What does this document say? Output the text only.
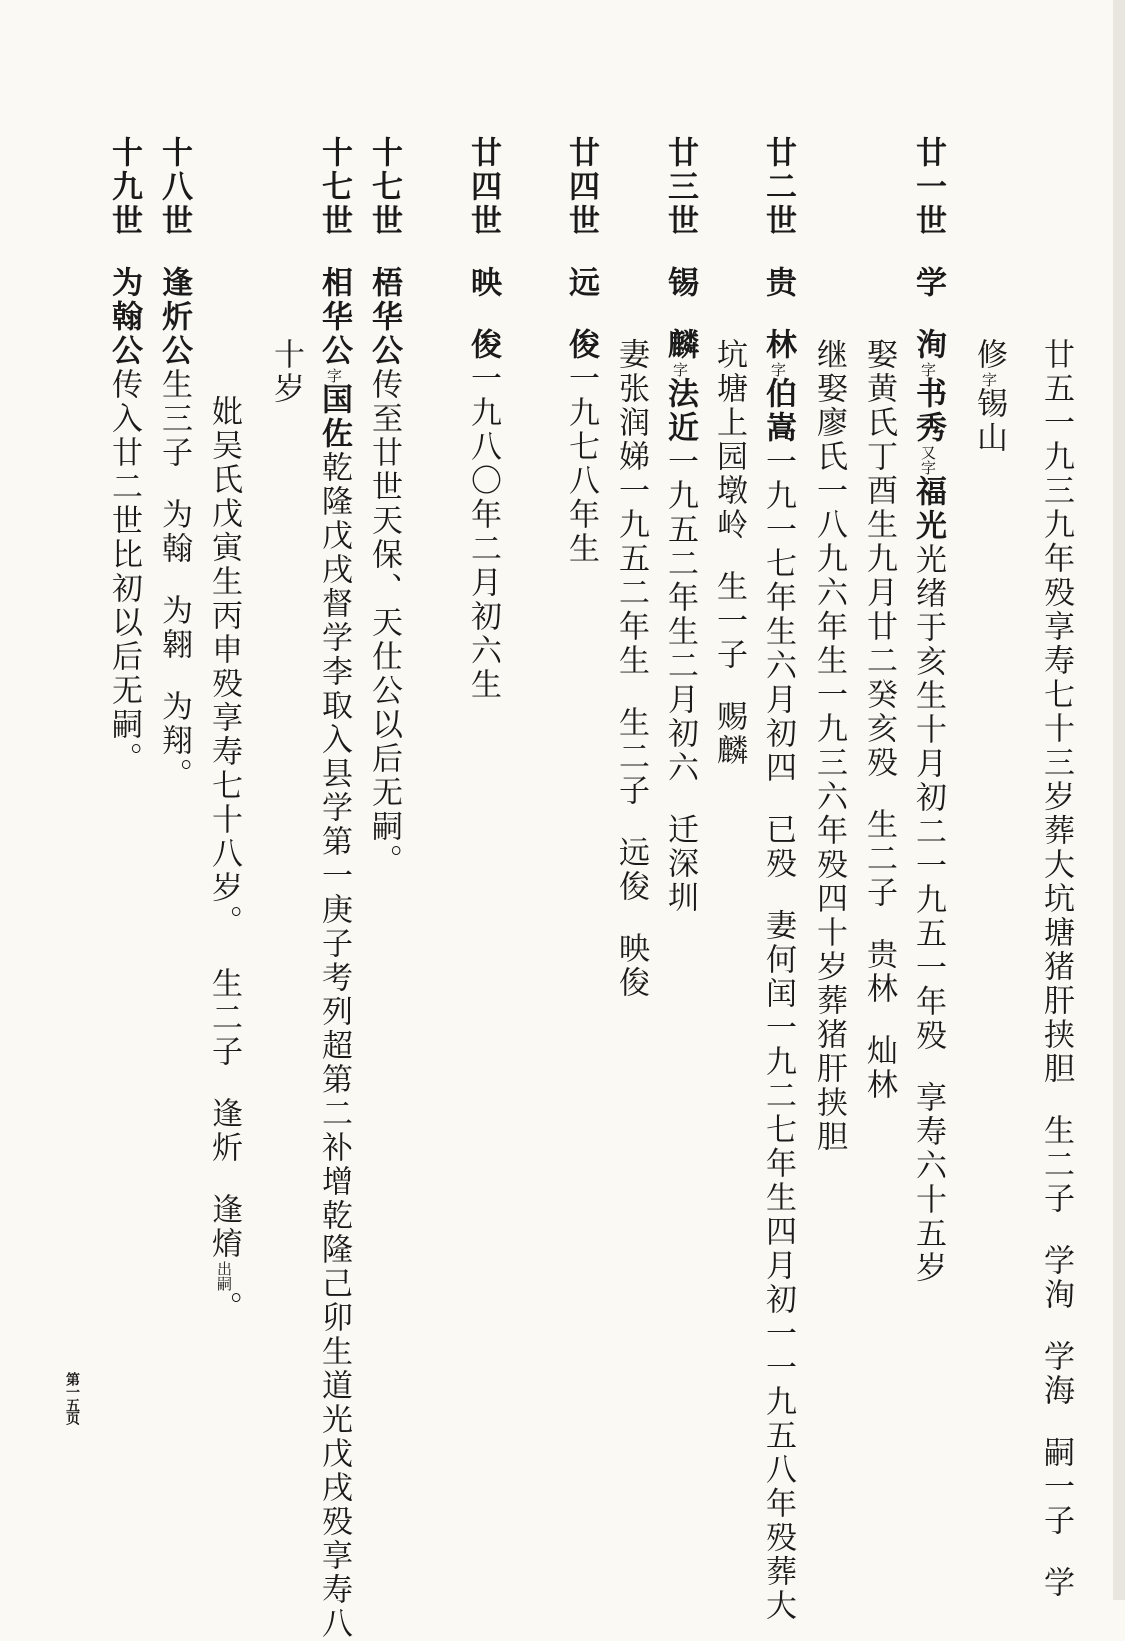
廿五一九三九年殁享寿七十三岁葬大坑塘猪肝挟胆生二子学洵学海嗣一子学
修字锡山
廿一世学洵字书秀又字福光光绪于亥生十月初二一九五一年殁享寿六十五岁
娶黄氏丁酉生九月廿二癸亥殁生二子贵林灿林
继娶廖氏一八九六年生一九三六年殁四十岁葬猪肝挟胆
廿二世贵林字伯嵩一九一七年生六月初四已殁妻何闰一九二七年生四月初一一九五八年殁葬大
坑塘上园墩岭生一子赐麟
廿三世锡麟字法近一九五二年生二月初六迁深圳
妻张润娣一九五二年生生二子远俊映俊
廿四世远俊一九七八年生
廿四世映俊一九八〇年二月初六生
十七世梧华公传至廿世天保、天仕公以后无嗣。
十七世相华公字国佐乾隆戊戌督学李取入县学第一庚子考列超第二补增乾隆己卯生道光戊戌殁享寿八
十岁
妣吴氏戊寅生丙申殁享寿七十八岁。生二子逢炘逢焴出嗣。
十八世逢炘公生三子为翰为翱为翔。
十九世为翰公传入廿二世比初以后无嗣。
第一五页
